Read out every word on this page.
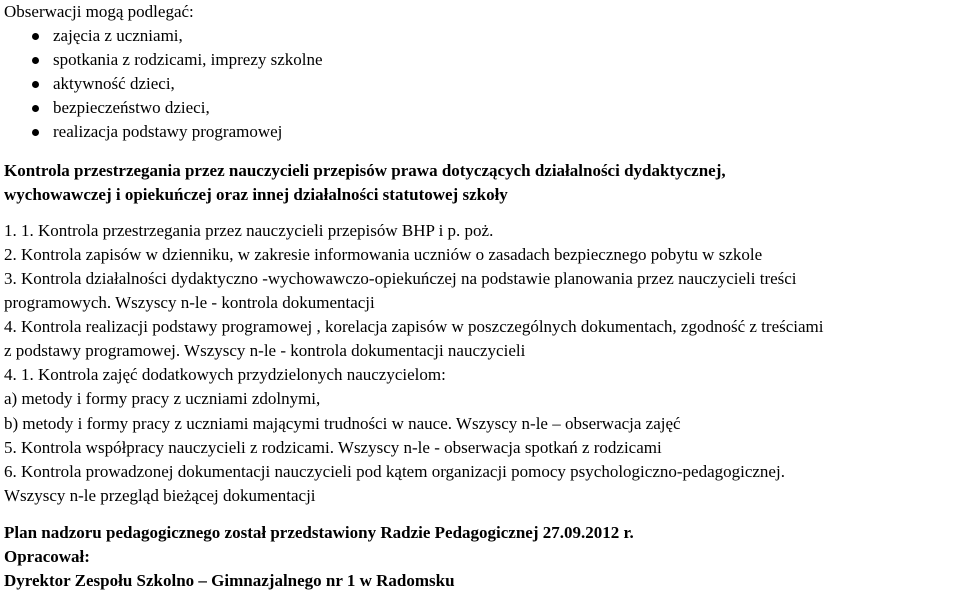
Obserwacji mogą podlegać:

zajęcia z uczniami,
spotkania z rodzicami, imprezy szkolne
aktywność dzieci,
bezpieczeństwo dzieci,
realizacja podstawy programowej

Kontrola przestrzegania przez nauczycieli przepisów prawa dotyczących działalności dydaktycznej,

wychowawczej i opiekuńczej oraz innej działalności statutowej szkoły

1. 1. Kontrola przestrzegania przez nauczycieli przepisów BHP i p. poż.

2. Kontrola zapisów w dzienniku, w zakresie informowania uczniów o zasadach bezpiecznego pobytu w szkole

3. Kontrola działalności dydaktyczno -wychowawczo-opiekuńczej na podstawie planowania przez nauczycieli treści

programowych. Wszyscy n-le - kontrola dokumentacji

4. Kontrola realizacji podstawy programowej , korelacja zapisów w poszczególnych dokumentach, zgodność z treściami

z podstawy programowej. Wszyscy n-le - kontrola dokumentacji nauczycieli

4. 1. Kontrola zajęć dodatkowych przydzielonych nauczycielom:

a) metody i formy pracy z uczniami zdolnymi,

b) metody i formy pracy z uczniami mającymi trudności w nauce. Wszyscy n-le – obserwacja zajęć

5. Kontrola współpracy nauczycieli z rodzicami. Wszyscy n-le - obserwacja spotkań z rodzicami

6. Kontrola prowadzonej dokumentacji nauczycieli pod kątem organizacji pomocy psychologiczno-pedagogicznej.

Wszyscy n-le przegląd bieżącej dokumentacji

Plan nadzoru pedagogicznego został przedstawiony Radzie Pedagogicznej 27.09.2012 r.

Opracował:

Dyrektor Zespołu Szkolno – Gimnazjalnego nr 1 w Radomsku
